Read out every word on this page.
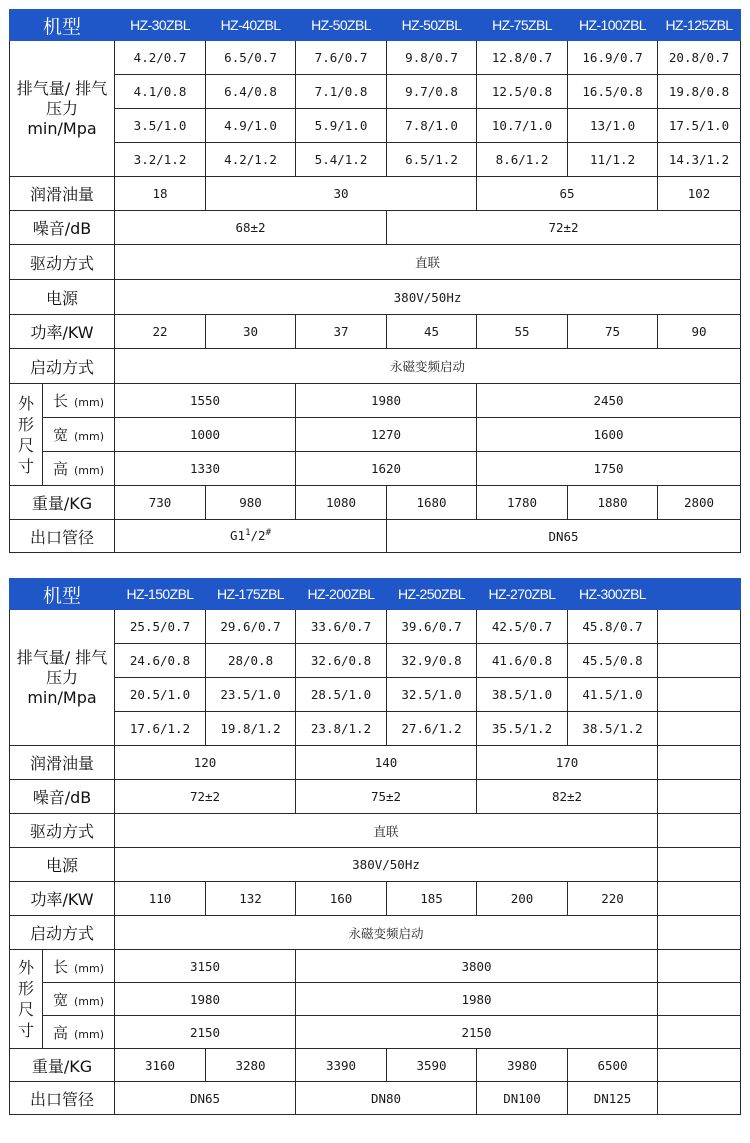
机型		HZ-30ZBL	HZ-40ZBL	HZ-50ZBL	HZ-50ZBL	HZ-75ZBL	HZ-100ZBL	HZ-125ZBL
排气量/ 排气压力 min/Mpa		4.2/0.7	6.5/0.7	7.6/0.7	9.8/0.7	12.8/0.7	16.9/0.7	20.8/0.7
		4.1/0.8	6.4/0.8	7.1/0.8	9.7/0.8	12.5/0.8	16.5/0.8	19.8/0.8
		3.5/1.0	4.9/1.0	5.9/1.0	7.8/1.0	10.7/1.0	13/1.0	17.5/1.0
		3.2/1.2	4.2/1.2	5.4/1.2	6.5/1.2	8.6/1.2	11/1.2	14.3/1.2
润滑油量		18	30			65		102
噪音/dB		68±2			72±2			
驱动方式		直联						
电源		380V/50Hz						
功率/KW		22	30	37	45	55	75	90
启动方式		永磁变频启动						

外
形
尺
寸	长 (mm)	1550		1980		2450		
	宽 (mm)	1000		1270		1600		
	高 (mm)	1330		1620		1750		
重量/KG		730	980	1080	1680	1780	1880	2800
出口管径		$G1^1/2^{\#}$			DN65			
机型		HZ-150ZBL	HZ-175ZBL	HZ-200ZBL	HZ-250ZBL	HZ-270ZBL	HZ-300ZBL	
排气量/ 排气压力 min/Mpa		25.5/0.7	29.6/0.7	33.6/0.7	39.6/0.7	42.5/0.7	45.8/0.7	
		24.6/0.8	28/0.8	32.6/0.8	32.9/0.8	41.6/0.8	45.5/0.8	
		20.5/1.0	23.5/1.0	28.5/1.0	32.5/1.0	38.5/1.0	41.5/1.0	
		17.6/1.2	19.8/1.2	23.8/1.2	27.6/1.2	35.5/1.2	38.5/1.2	
润滑油量		120		140		170		
噪音/dB		72±2		75±2		82±2		
驱动方式		直联						
电源		380V/50Hz						
功率/KW		110	132	160	185	200	220	
启动方式		永磁变频启动						

外
形
尺
寸	长 (mm)	3150		3800				
	宽 (mm)	1980		1980				
	高 (mm)	2150		2150				
重量/KG		3160	3280	3390	3590	3980	6500	
出口管径		DN65		DN80		DN100	DN125	
